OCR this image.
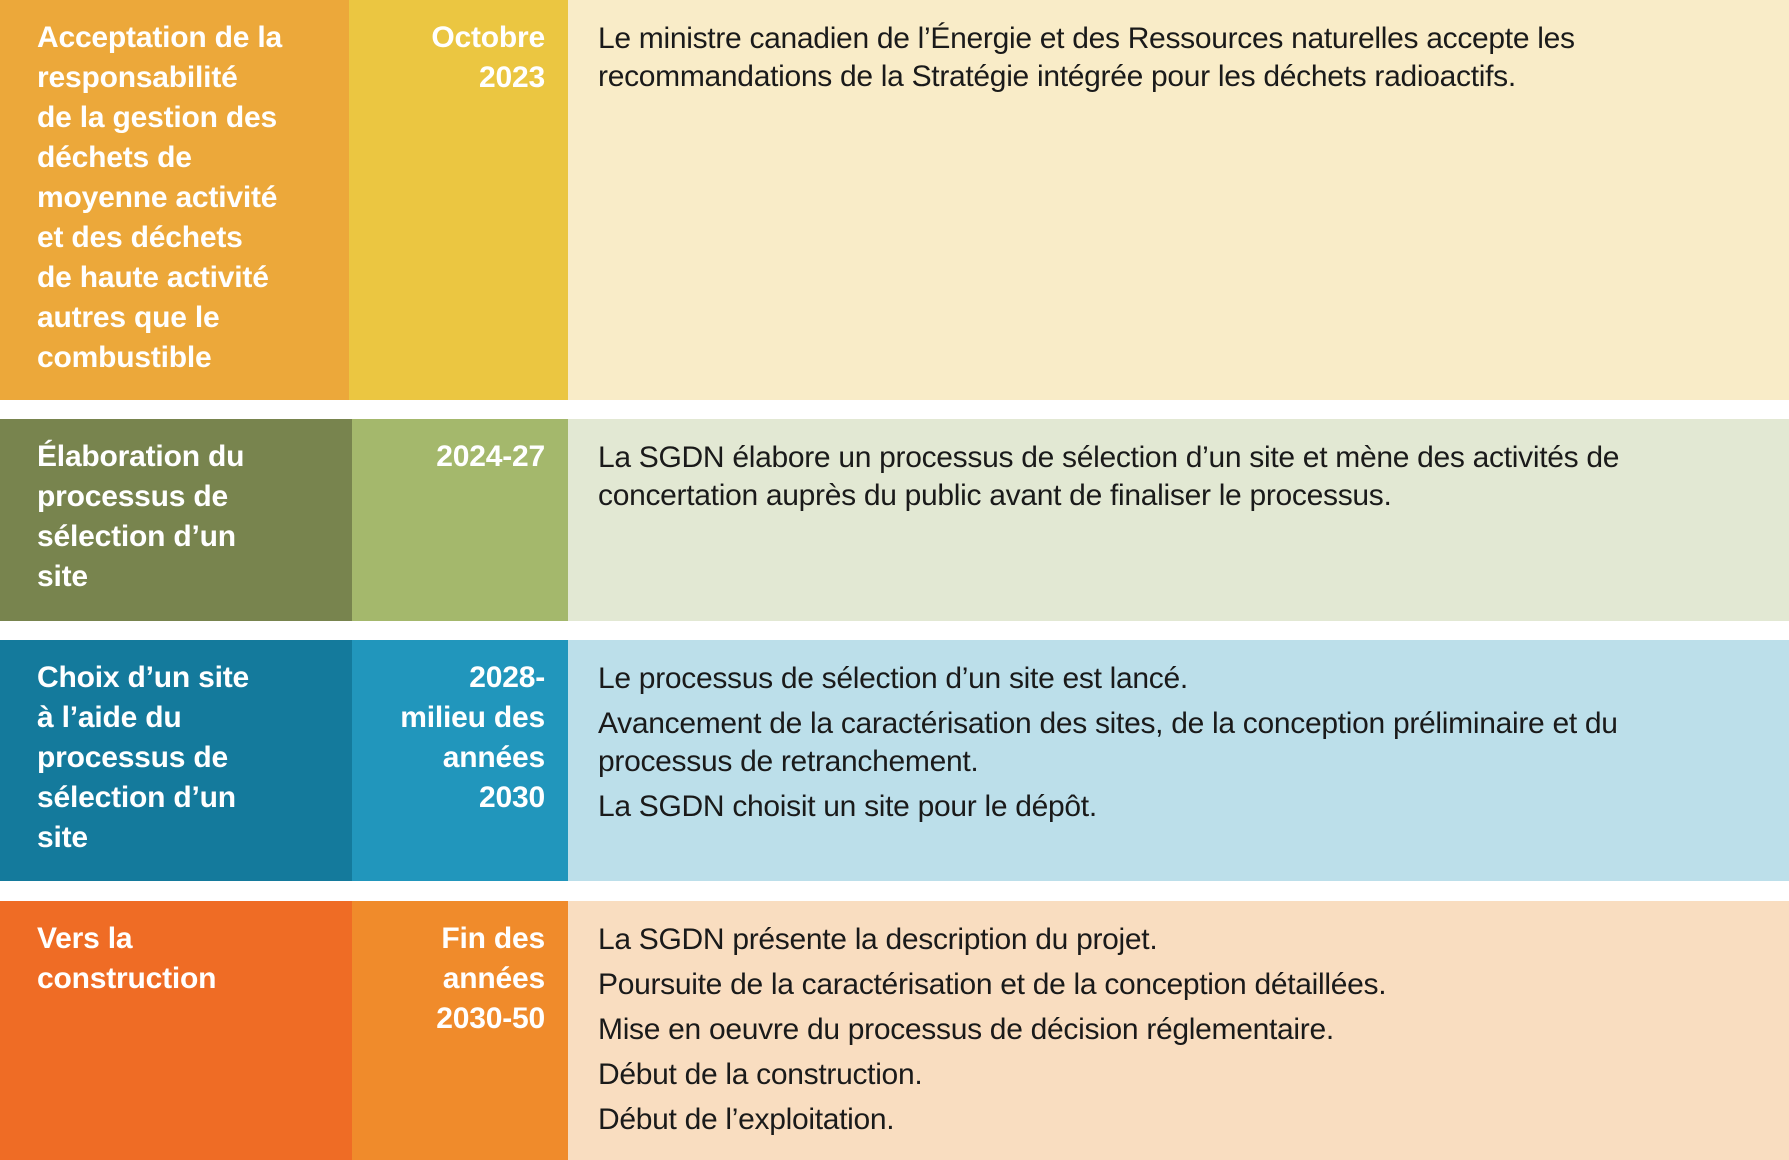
Acceptation de la
responsabilité
de la gestion des
déchets de
moyenne activité
et des déchets
de haute activité
autres que le
combustible
Octobre
2023

Le ministre canadien de l’Énergie et des Ressources naturelles accepte les recommandations de la Stratégie intégrée pour les déchets radioactifs.

Élaboration du
processus de
sélection d’un
site
2024-27 La SGDN élabore un processus de sélection d’un site et mène des activités de concertation auprès du public avant de finaliser le processus.

Choix d’un site
à l’aide du
processus de
sélection d’un
site
2028-
milieu des
années
2030

Le processus de sélection d’un site est lancé.

Avancement de la caractérisation des sites, de la conception préliminaire et du processus de retranchement.

La SGDN choisit un site pour le dépôt.

Vers la
construction
Fin des
années
2030-50

La SGDN présente la description du projet.

Poursuite de la caractérisation et de la conception détaillées.

Mise en oeuvre du processus de décision réglementaire.

Début de la construction.

Début de l’exploitation.
